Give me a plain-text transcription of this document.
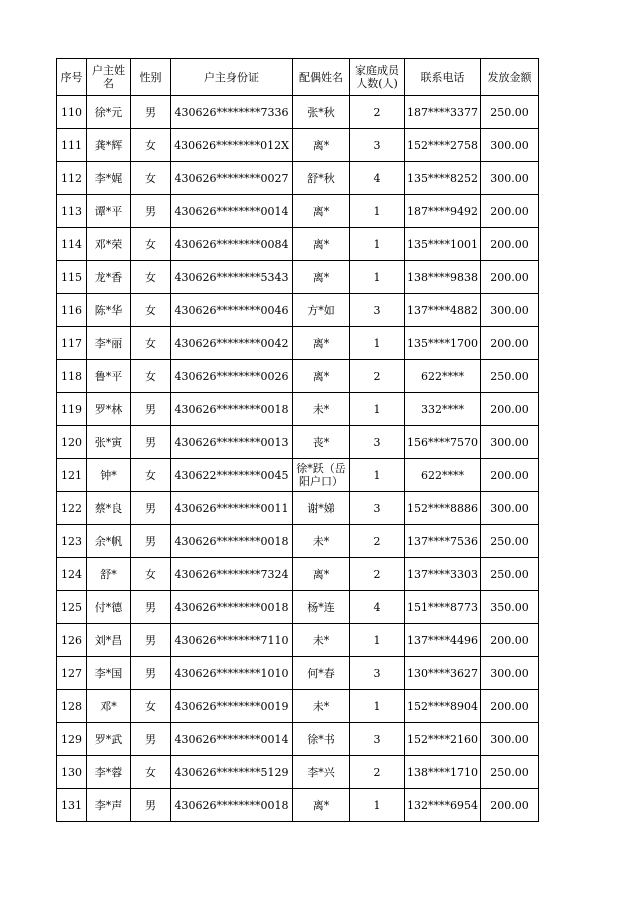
序号	户主姓名	性别	户主身份证	配偶姓名	家庭成员人数(人)	联系电话	发放金额
110	徐*元	男	430626********7336	张*秋	2	187****3377	250.00
111	龚*辉	女	430626********012X	离*	3	152****2758	300.00
112	李*娓	女	430626********0027	舒*秋	4	135****8252	300.00
113	谭*平	男	430626********0014	离*	1	187****9492	200.00
114	邓*荣	女	430626********0084	离*	1	135****1001	200.00
115	龙*香	女	430626********5343	离*	1	138****9838	200.00
116	陈*华	女	430626********0046	方*如	3	137****4882	300.00
117	李*丽	女	430626********0042	离*	1	135****1700	200.00
118	鲁*平	女	430626********0026	离*	2	622****	250.00
119	罗*林	男	430626********0018	未*	1	332****	200.00
120	张*寅	男	430626********0013	丧*	3	156****7570	300.00
121	钟*	女	430622********0045	徐*跃（岳阳户口）	1	622****	200.00
122	蔡*良	男	430626********0011	谢*娣	3	152****8886	300.00
123	余*帆	男	430626********0018	未*	2	137****7536	250.00
124	舒*	女	430626********7324	离*	2	137****3303	250.00
125	付*德	男	430626********0018	杨*连	4	151****8773	350.00
126	刘*昌	男	430626********7110	未*	1	137****4496	200.00
127	李*国	男	430626********1010	何*春	3	130****3627	300.00
128	邓*	女	430626********0019	未*	1	152****8904	200.00
129	罗*武	男	430626********0014	徐*书	3	152****2160	300.00
130	李*蓉	女	430626********5129	李*兴	2	138****1710	250.00
131	李*声	男	430626********0018	离*	1	132****6954	200.00
